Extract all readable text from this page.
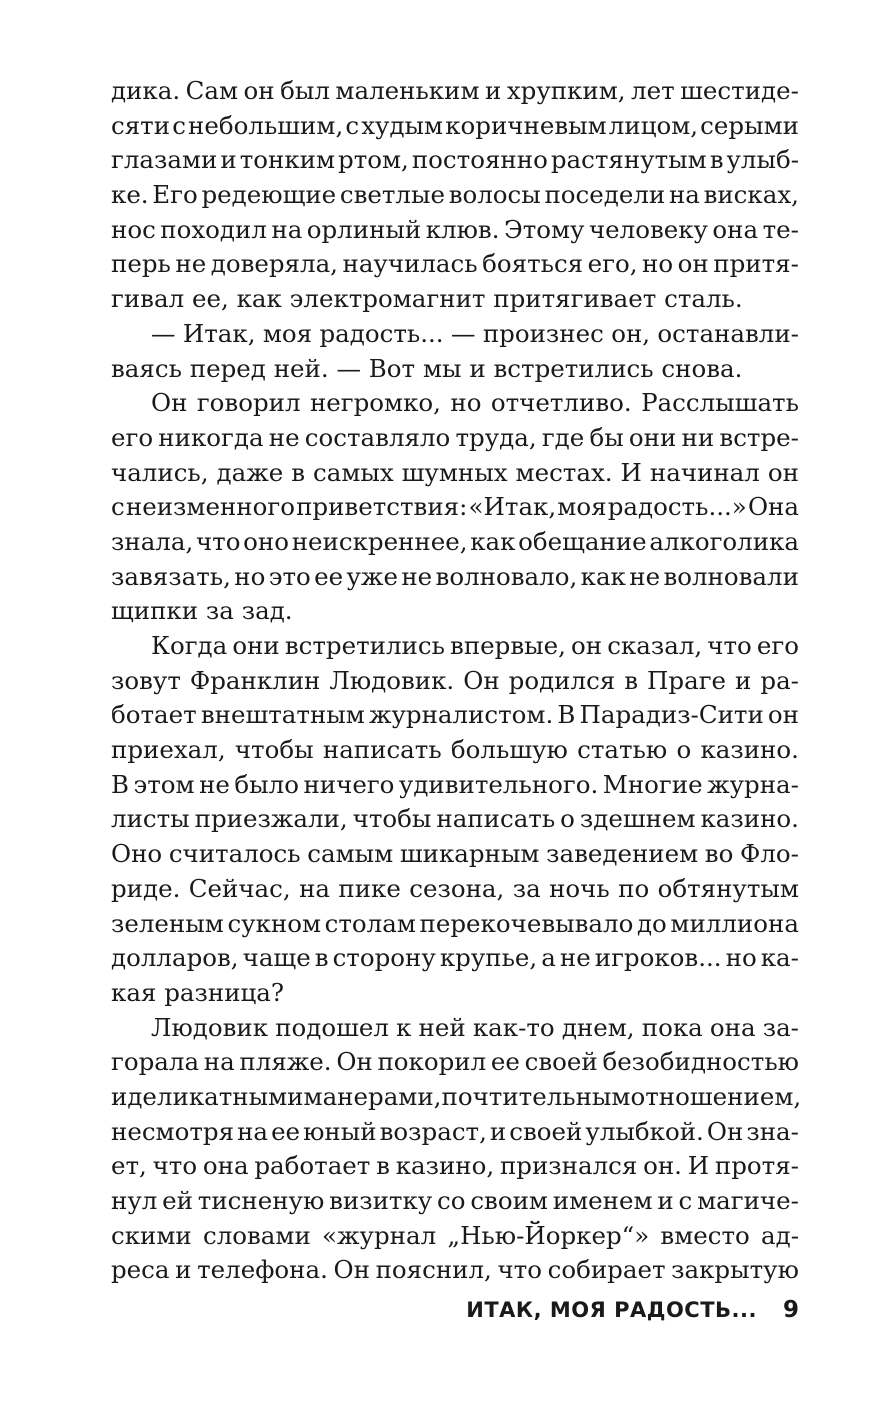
дика. Сам он был маленьким и хрупким, лет шестиде-
сяти с небольшим, с худым коричневым лицом, серыми
глазами и тонким ртом, постоянно растянутым в улыб-
ке. Его редеющие светлые волосы поседели на висках,
нос походил на орлиный клюв. Этому человеку она те-
перь не доверяла, научилась бояться его, но он притя-
гивал ее, как электромагнит притягивает сталь.
— Итак, моя радость... — произнес он, останавли-
ваясь перед ней. — Вот мы и встретились снова.
Он говорил негромко, но отчетливо. Расслышать
его никогда не составляло труда, где бы они ни встре-
чались, даже в самых шумных местах. И начинал он
с неизменного приветствия: «Итак, моя радость...» Она
знала, что оно неискреннее, как обещание алкоголика
завязать, но это ее уже не волновало, как не волновали
щипки за зад.
Когда они встретились впервые, он сказал, что его
зовут Франклин Людовик. Он родился в Праге и ра-
ботает внештатным журналистом. В Парадиз-Сити он
приехал, чтобы написать большую статью о казино.
В этом не было ничего удивительного. Многие журна-
листы приезжали, чтобы написать о здешнем казино.
Оно считалось самым шикарным заведением во Фло-
риде. Сейчас, на пике сезона, за ночь по обтянутым
зеленым сукном столам перекочевывало до миллиона
долларов, чаще в сторону крупье, а не игроков... но ка-
кая разница?
Людовик подошел к ней как-то днем, пока она за-
горала на пляже. Он покорил ее своей безобидностью
и деликатными манерами, почтительным отношением,
несмотря на ее юный возраст, и своей улыбкой. Он зна-
ет, что она работает в казино, признался он. И протя-
нул ей тисненую визитку со своим именем и с магиче-
скими словами «журнал „Нью-Йоркер“» вместо ад-
реса и телефона. Он пояснил, что собирает закрытую
ИТАК, МОЯ РАДОСТЬ... 9
